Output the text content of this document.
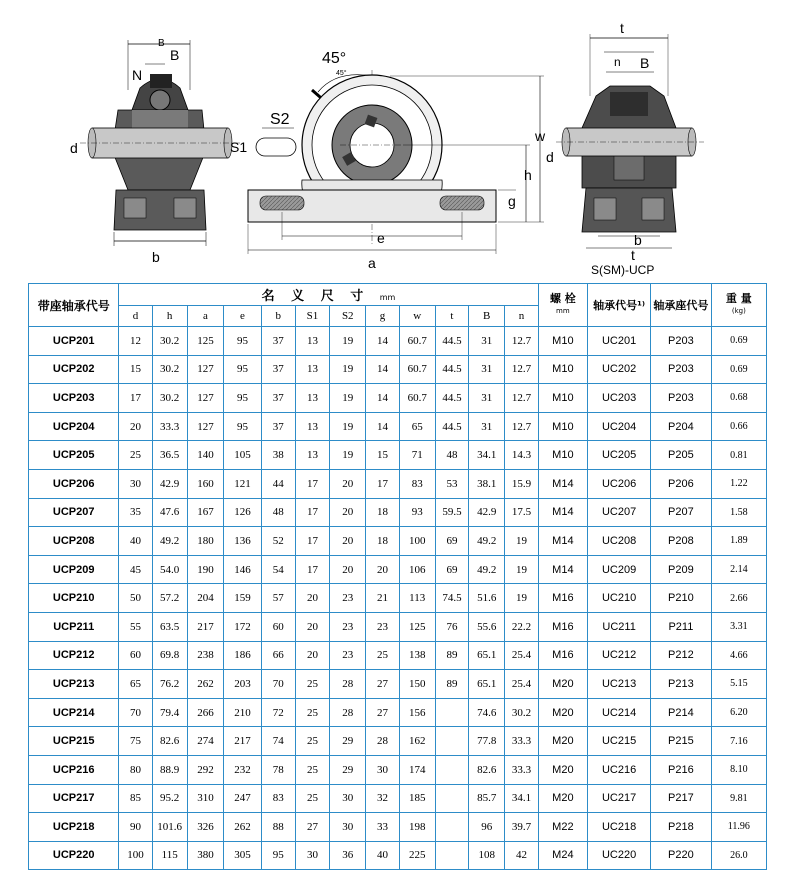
B
B
N
d
b
45°
45°
S2
S1
w
h
g
e
a
t
n B
d
b
t
S(SM)-UCP
带座轴承代号	名 义 尺 寸 mm												螺 栓
mm	轴承代号¹⁾	轴承座代号	重 量
(kg)

	d	h	a	e	b	S1	S2	g	w	t	B	n				
UCP201	12	30.2	125	95	37	13	19	14	60.7	44.5	31	12.7	M10	UC201	P203	0.69
UCP202	15	30.2	127	95	37	13	19	14	60.7	44.5	31	12.7	M10	UC202	P203	0.69
UCP203	17	30.2	127	95	37	13	19	14	60.7	44.5	31	12.7	M10	UC203	P203	0.68
UCP204	20	33.3	127	95	37	13	19	14	65	44.5	31	12.7	M10	UC204	P204	0.66
UCP205	25	36.5	140	105	38	13	19	15	71	48	34.1	14.3	M10	UC205	P205	0.81
UCP206	30	42.9	160	121	44	17	20	17	83	53	38.1	15.9	M14	UC206	P206	1.22
UCP207	35	47.6	167	126	48	17	20	18	93	59.5	42.9	17.5	M14	UC207	P207	1.58
UCP208	40	49.2	180	136	52	17	20	18	100	69	49.2	19	M14	UC208	P208	1.89
UCP209	45	54.0	190	146	54	17	20	20	106	69	49.2	19	M14	UC209	P209	2.14
UCP210	50	57.2	204	159	57	20	23	21	113	74.5	51.6	19	M16	UC210	P210	2.66
UCP211	55	63.5	217	172	60	20	23	23	125	76	55.6	22.2	M16	UC211	P211	3.31
UCP212	60	69.8	238	186	66	20	23	25	138	89	65.1	25.4	M16	UC212	P212	4.66
UCP213	65	76.2	262	203	70	25	28	27	150	89	65.1	25.4	M20	UC213	P213	5.15
UCP214	70	79.4	266	210	72	25	28	27	156		74.6	30.2	M20	UC214	P214	6.20
UCP215	75	82.6	274	217	74	25	29	28	162		77.8	33.3	M20	UC215	P215	7.16
UCP216	80	88.9	292	232	78	25	29	30	174		82.6	33.3	M20	UC216	P216	8.10
UCP217	85	95.2	310	247	83	25	30	32	185		85.7	34.1	M20	UC217	P217	9.81
UCP218	90	101.6	326	262	88	27	30	33	198		96	39.7	M22	UC218	P218	11.96
UCP220	100	115	380	305	95	30	36	40	225		108	42	M24	UC220	P220	26.0
